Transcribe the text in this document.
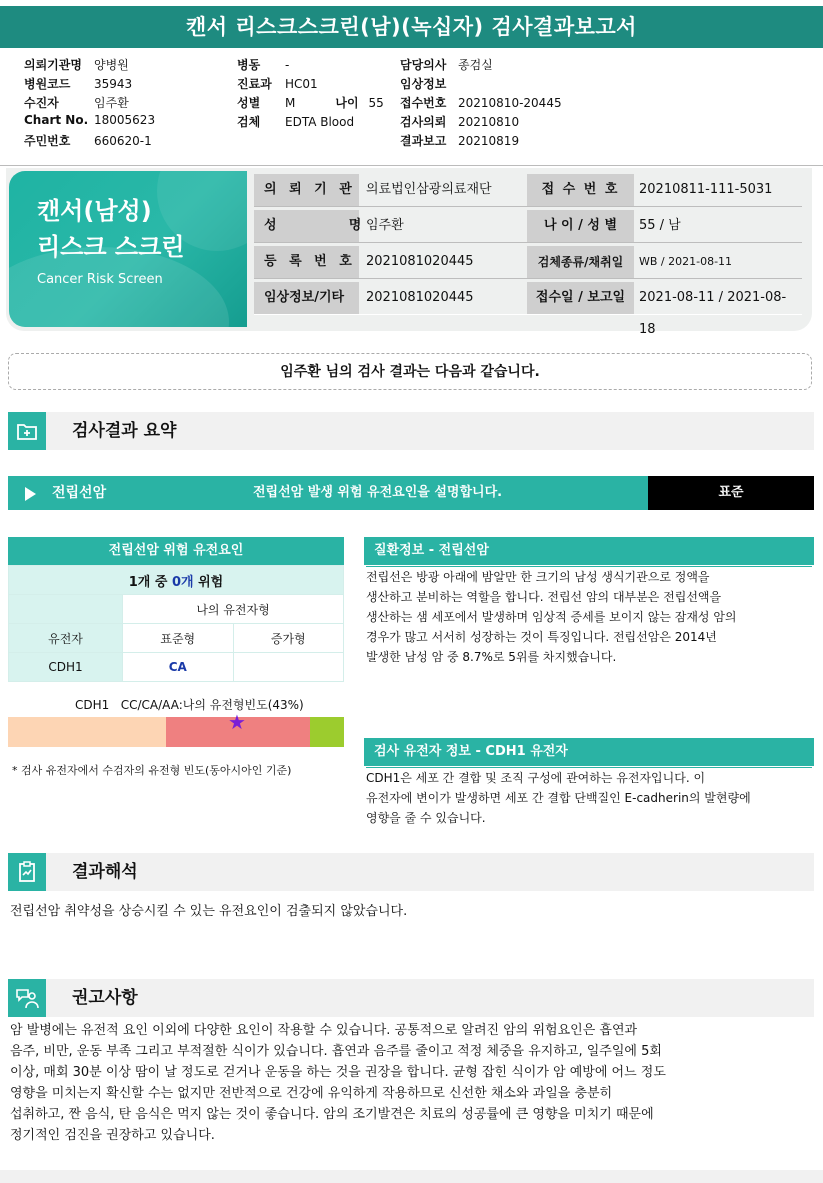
캔서 리스크스크린(남)(녹십자) 검사결과보고서
의뢰기관명 양병원
병원코드 35943
수진자	임주환
Chart No. 18005623
주민번호 660620-1
병동 -
진료과 HC01
성별 M	나이 55
검체 EDTA Blood
담당의사 종검실
임상정보
접수번호 20210810-20445
검사의뢰 20210810
결과보고 20210819
캔서(남성)
리스크 스크린
Cancer Risk Screen
의 뢰 기 관 의료법인삼광의료재단	접 수 번 호	20210811-111-5031
성        명 임주환	나 이 / 성 별	55 / 남
등 록 번 호 2021081020445	검체종류/채취일	WB / 2021-08-11
임상정보/기타	2021081020445	접수일 / 보고일	2021-08-11 / 2021-08-18
임주환 님의 검사 결과는 다음과 같습니다.
검사결과 요약
전립선암	전립선암 발생 위험 유전요인을 설명합니다.	표준
전립선암 위험 유전요인
1개 중 0개 위험		
	나의 유전자형	
유전자	표준형	증가형
CDH1	CA	
CDH1   CC/CA/AA:나의 유전형빈도(43%)
★
* 검사 유전자에서 수검자의 유전형 빈도(동아시아인 기준)
질환정보 - 전립선암
전립선은 방광 아래에 밤알만 한 크기의 남성 생식기관으로 정액을
생산하고 분비하는 역할을 합니다. 전립선 암의 대부분은 전립선액을
생산하는 샘 세포에서 발생하며 임상적 증세를 보이지 않는 잠재성 암의
경우가 많고 서서히 성장하는 것이 특징입니다. 전립선암은 2014년
발생한 남성 암 중 8.7%로 5위를 차지했습니다.
검사 유전자 정보 - CDH1 유전자
CDH1은 세포 간 결합 및 조직 구성에 관여하는 유전자입니다. 이
유전자에 변이가 발생하면 세포 간 결합 단백질인 E-cadherin의 발현량에
영향을 줄 수 있습니다.
결과해석
전립선암 취약성을 상승시킬 수 있는 유전요인이 검출되지 않았습니다.
권고사항
암 발병에는 유전적 요인 이외에 다양한 요인이 작용할 수 있습니다. 공통적으로 알려진 암의 위험요인은 흡연과
음주, 비만, 운동 부족 그리고 부적절한 식이가 있습니다. 흡연과 음주를 줄이고 적정 체중을 유지하고, 일주일에 5회
이상, 매회 30분 이상 땀이 날 정도로 걷거나 운동을 하는 것을 권장을 합니다. 균형 잡힌 식이가 암 예방에 어느 정도
영향을 미치는지 확신할 수는 없지만 전반적으로 건강에 유익하게 작용하므로 신선한 채소와 과일을 충분히
섭취하고, 짠 음식, 탄 음식은 먹지 않는 것이 좋습니다. 암의 조기발견은 치료의 성공률에 큰 영향을 미치기 때문에
정기적인 검진을 권장하고 있습니다.
